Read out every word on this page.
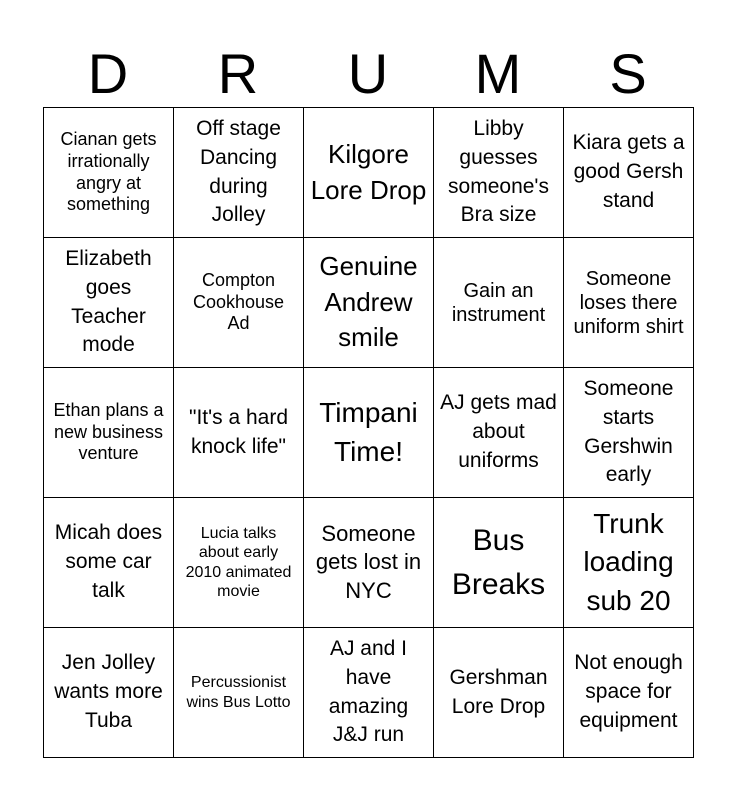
D	R	U	M	S
Cianan gets irrationally angry at something	Off stage Dancing during Jolley	Kilgore Lore Drop	Libby guesses someone's Bra size	Kiara gets a good Gersh stand
Elizabeth goes Teacher mode	Compton Cookhouse Ad	Genuine Andrew smile	Gain an instrument	Someone loses there uniform shirt
Ethan plans a new business venture	"It's a hard knock life"	Timpani Time!	AJ gets mad about uniforms	Someone starts Gershwin early
Micah does some car talk	Lucia talks about early 2010 animated movie	Someone gets lost in NYC	Bus Breaks	Trunk loading sub 20
Jen Jolley wants more Tuba	Percussionist wins Bus Lotto	AJ and I have amazing J&J run	Gershman Lore Drop	Not enough space for equipment
